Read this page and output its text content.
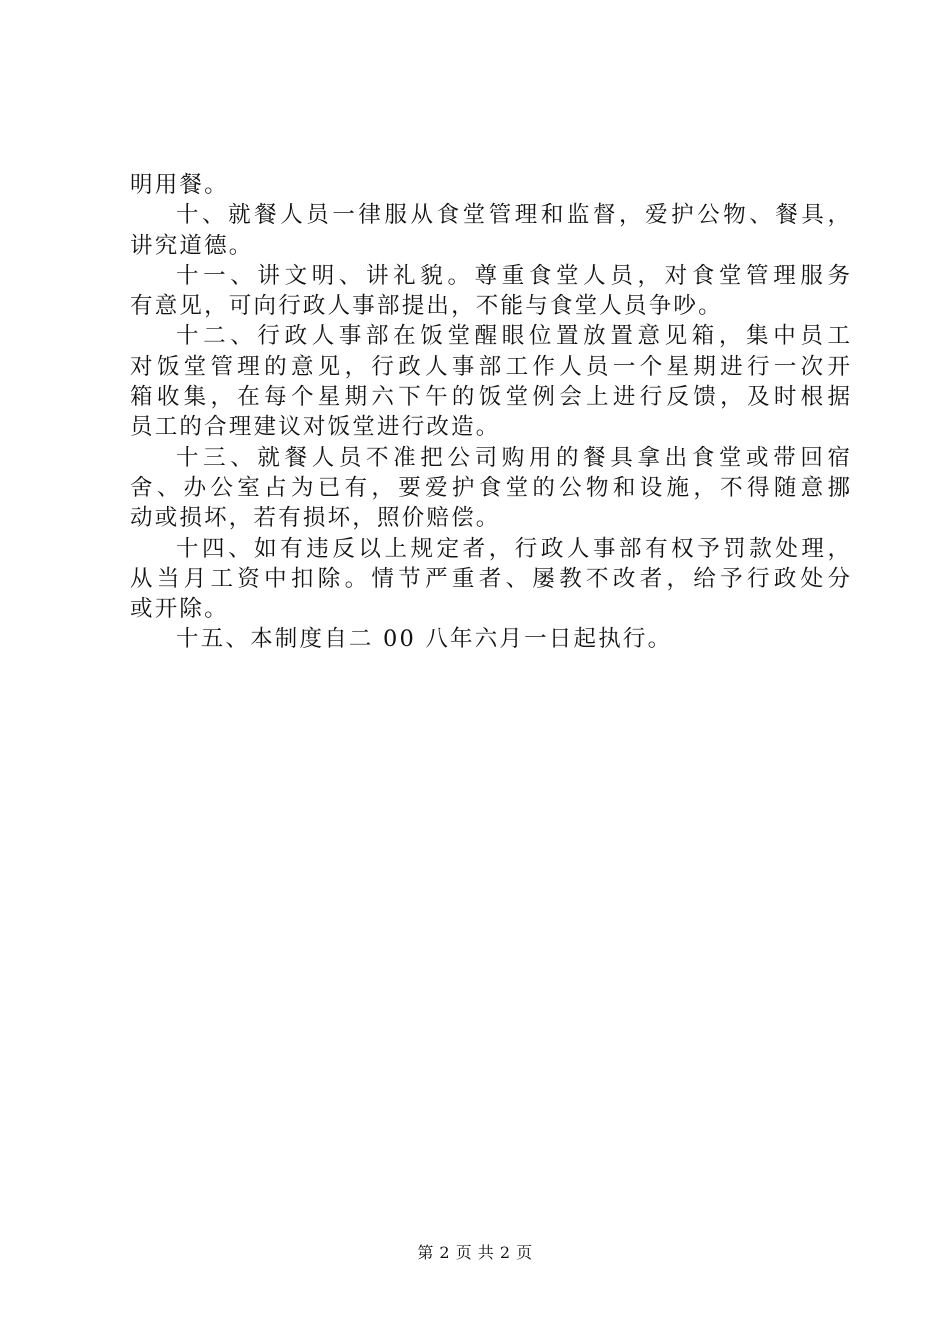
明用餐。
十、就餐人员一律服从食堂管理和监督，爱护公物、餐具，
讲究道德。
十一、讲文明、讲礼貌。尊重食堂人员，对食堂管理服务
有意见，可向行政人事部提出，不能与食堂人员争吵。
十二、行政人事部在饭堂醒眼位置放置意见箱，集中员工
对饭堂管理的意见，行政人事部工作人员一个星期进行一次开
箱收集，在每个星期六下午的饭堂例会上进行反馈，及时根据
员工的合理建议对饭堂进行改造。
十三、就餐人员不准把公司购用的餐具拿出食堂或带回宿
舍、办公室占为已有，要爱护食堂的公物和设施，不得随意挪
动或损坏，若有损坏，照价赔偿。
十四、如有违反以上规定者，行政人事部有权予罚款处理，
从当月工资中扣除。情节严重者、屡教不改者，给予行政处分
或开除。
十五、本制度自二 00 八年六月一日起执行。
第 2 页 共 2 页
